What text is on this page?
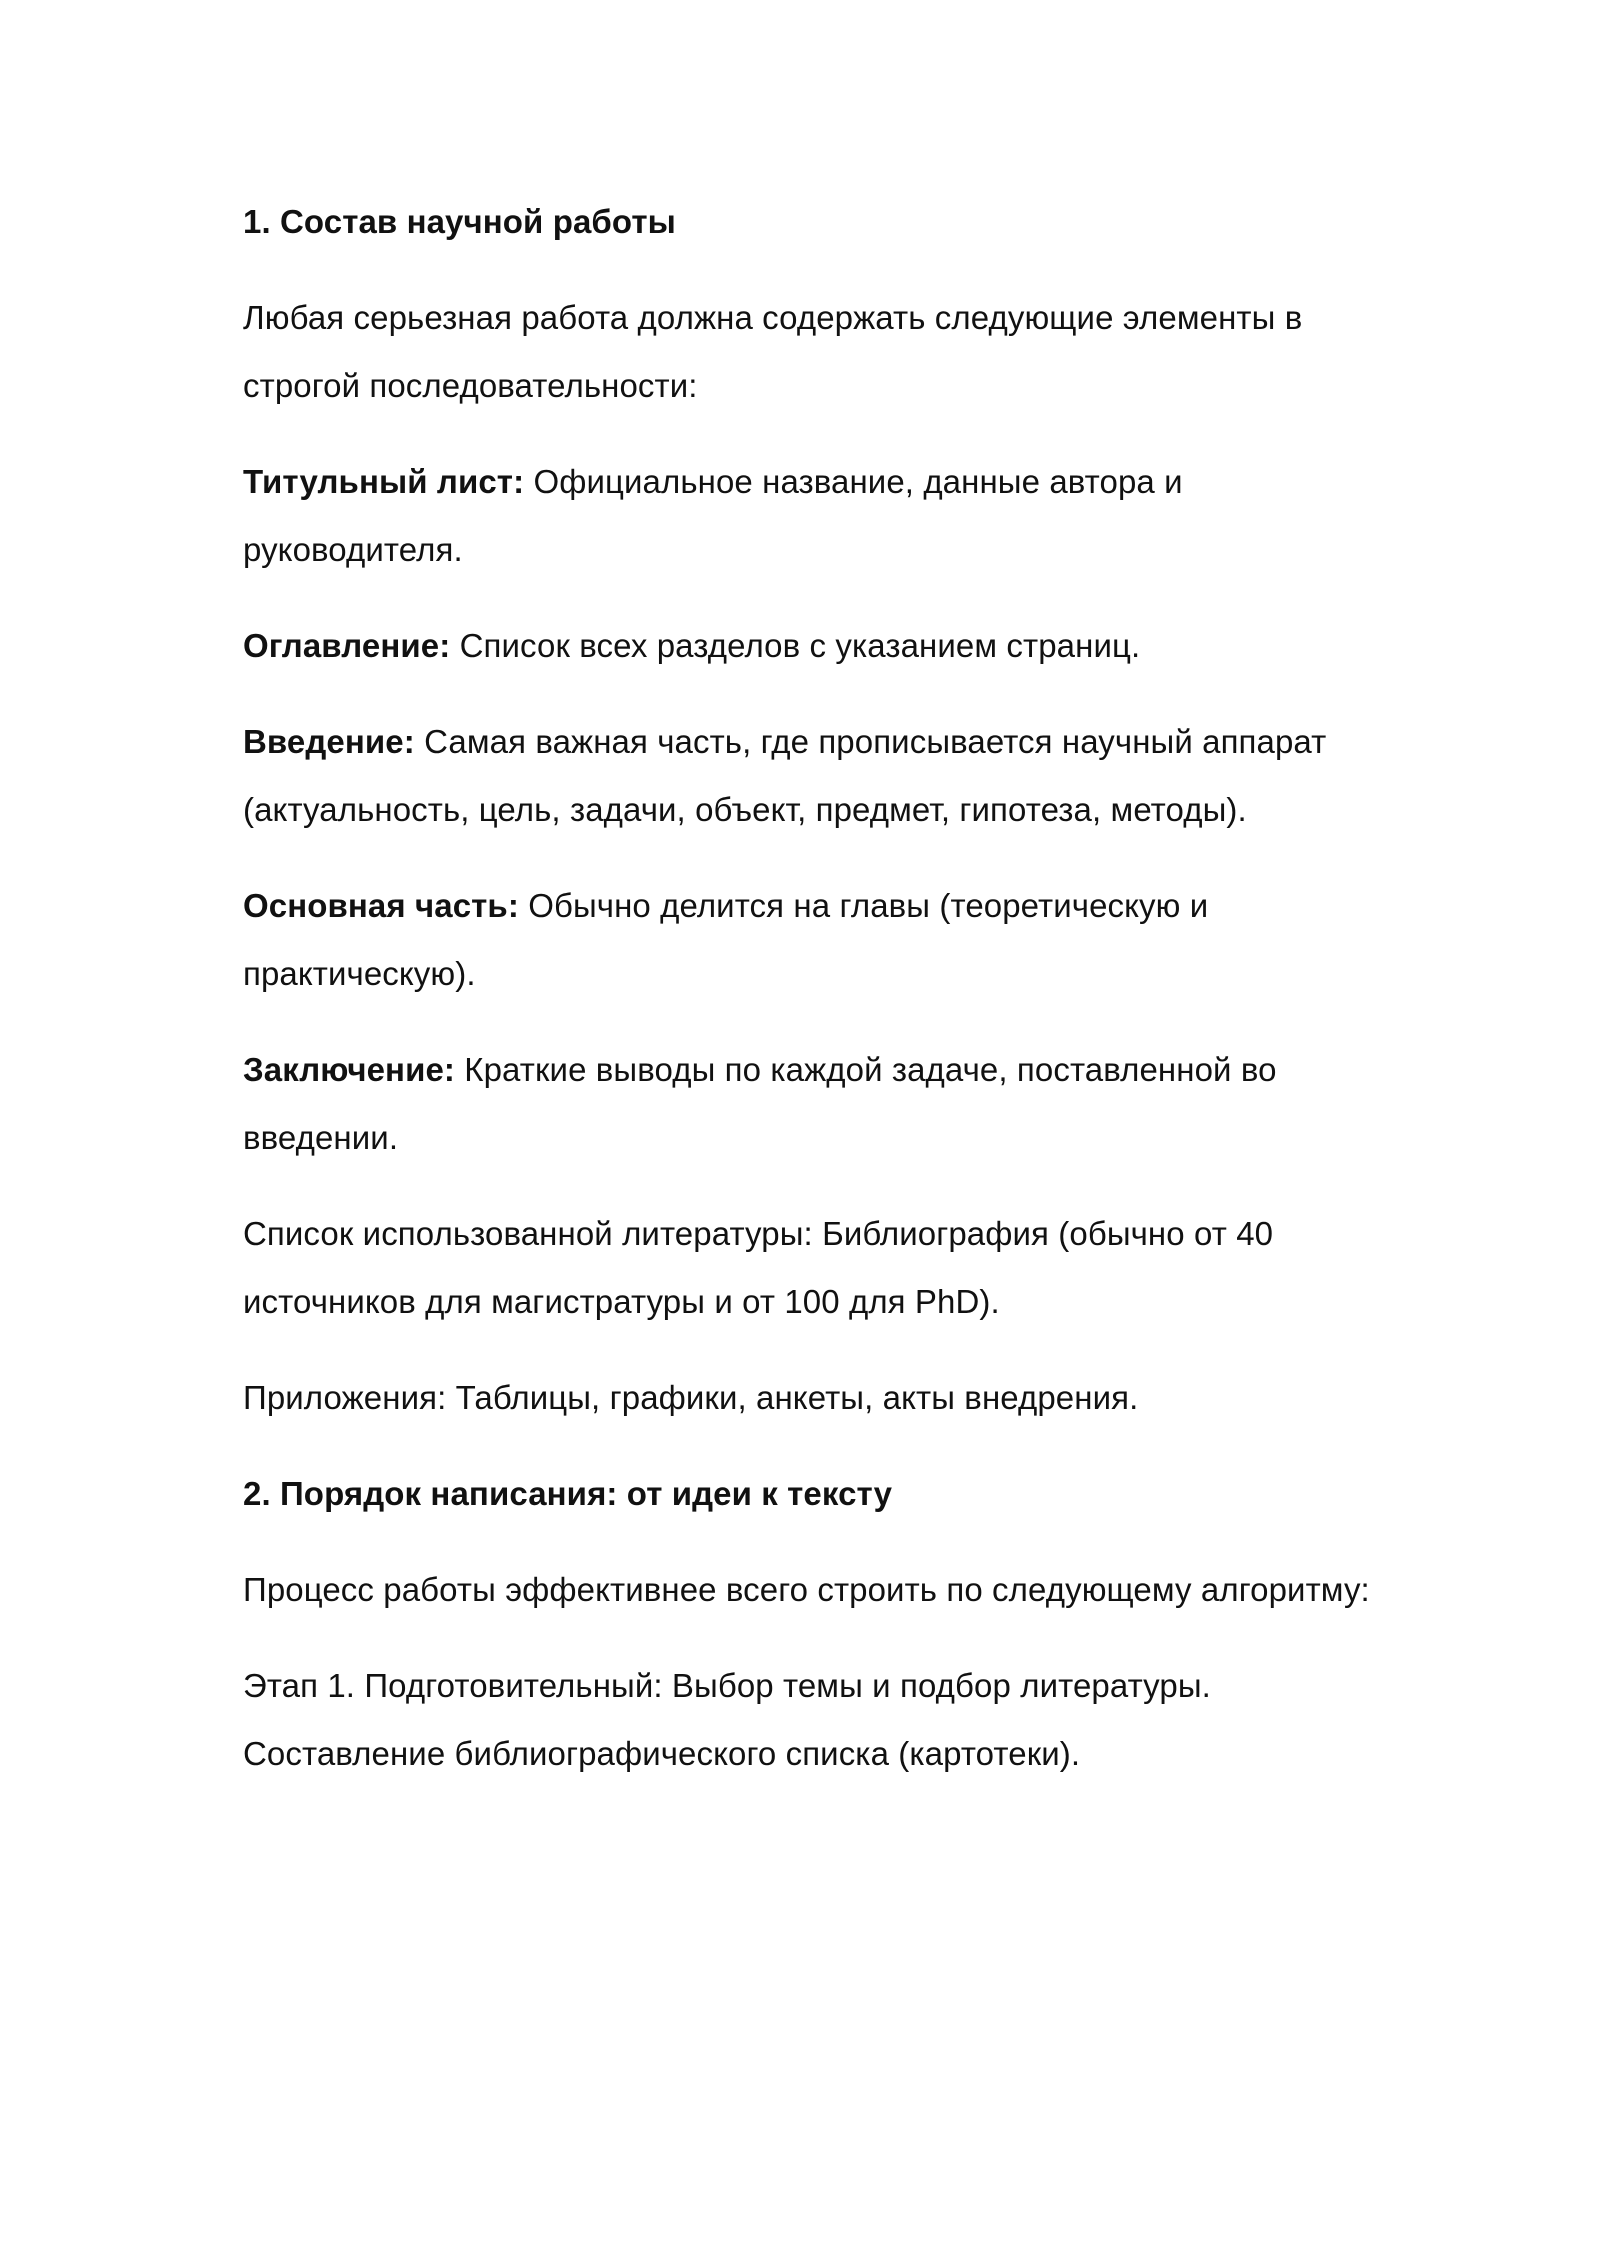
1. Состав научной работы
Любая серьезная работа должна содержать следующие элементы в строгой последовательности:
Титульный лист: Официальное название, данные автора и руководителя.
Оглавление: Список всех разделов с указанием страниц.
Введение: Самая важная часть, где прописывается научный аппарат (актуальность, цель, задачи, объект, предмет, гипотеза, методы).
Основная часть: Обычно делится на главы (теоретическую и практическую).
Заключение: Краткие выводы по каждой задаче, поставленной во введении.
Список использованной литературы: Библиография (обычно от 40 источников для магистратуры и от 100 для PhD).
Приложения: Таблицы, графики, анкеты, акты внедрения.
2. Порядок написания: от идеи к тексту
Процесс работы эффективнее всего строить по следующему алгоритму:
Этап 1. Подготовительный: Выбор темы и подбор литературы. Составление библиографического списка (картотеки).
